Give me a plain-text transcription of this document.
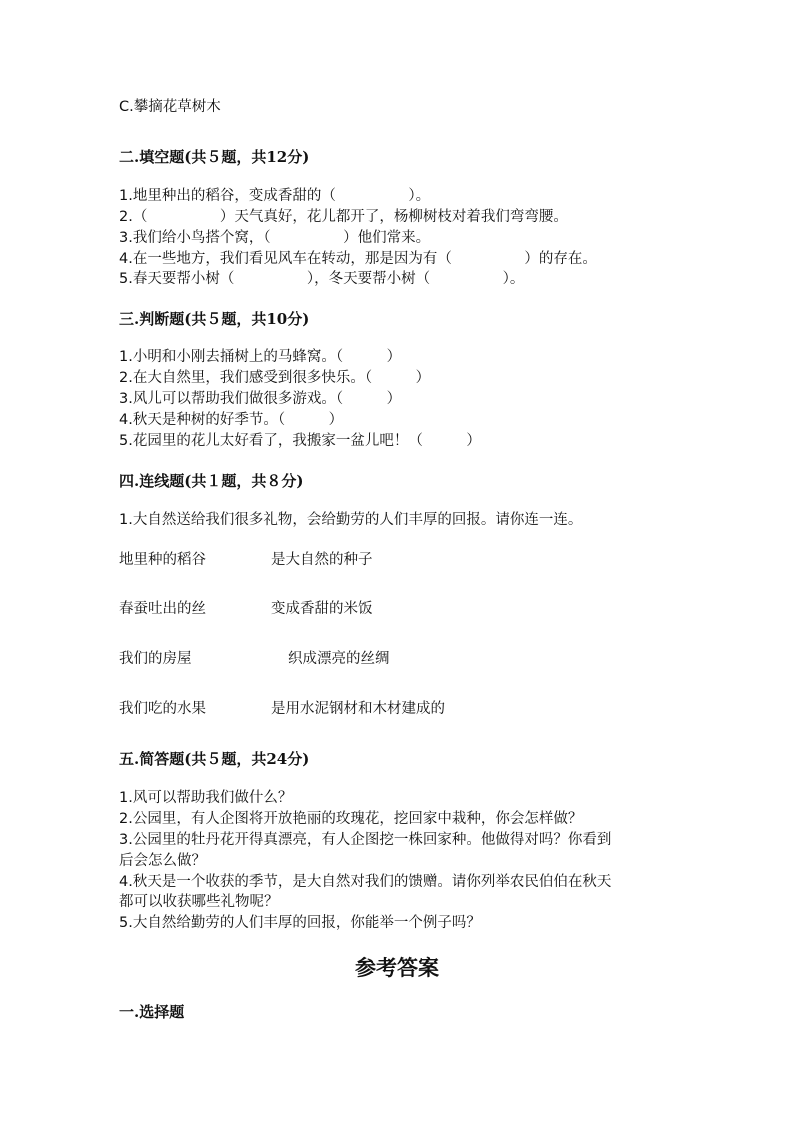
C.攀摘花草树木

二.填空题(共５题，共12分)

1.地里种出的稻谷，变成香甜的（　　　　　）。

2.（　　　　　）天气真好，花儿都开了，杨柳树枝对着我们弯弯腰。

3.我们给小鸟搭个窝，（　　　　　）他们常来。

4.在一些地方，我们看见风车在转动，那是因为有（　　　　　）的存在。

5.春天要帮小树（　　　　　），冬天要帮小树（　　　　　）。

三.判断题(共５题，共10分)

1.小明和小刚去捅树上的马蜂窝。（　　　）

2.在大自然里，我们感受到很多快乐。（　　　）

3.风儿可以帮助我们做很多游戏。（　　　）

4.秋天是种树的好季节。（　　　）

5.花园里的花儿太好看了，我搬家一盆儿吧！（　　　）

四.连线题(共１题，共８分)

1.大自然送给我们很多礼物，会给勤劳的人们丰厚的回报。请你连一连。

地里种的稻谷	是大自然的种子

春蚕吐出的丝	变成香甜的米饭

我们的房屋	织成漂亮的丝绸

我们吃的水果	是用水泥钢材和木材建成的

五.简答题(共５题，共24分)

1.风可以帮助我们做什么？

2.公园里，有人企图将开放艳丽的玫瑰花，挖回家中栽种，你会怎样做？

3.公园里的牡丹花开得真漂亮，有人企图挖一株回家种。他做得对吗？你看到

后会怎么做？

4.秋天是一个收获的季节，是大自然对我们的馈赠。请你列举农民伯伯在秋天

都可以收获哪些礼物呢？

5.大自然给勤劳的人们丰厚的回报，你能举一个例子吗？

参考答案

一.选择题
